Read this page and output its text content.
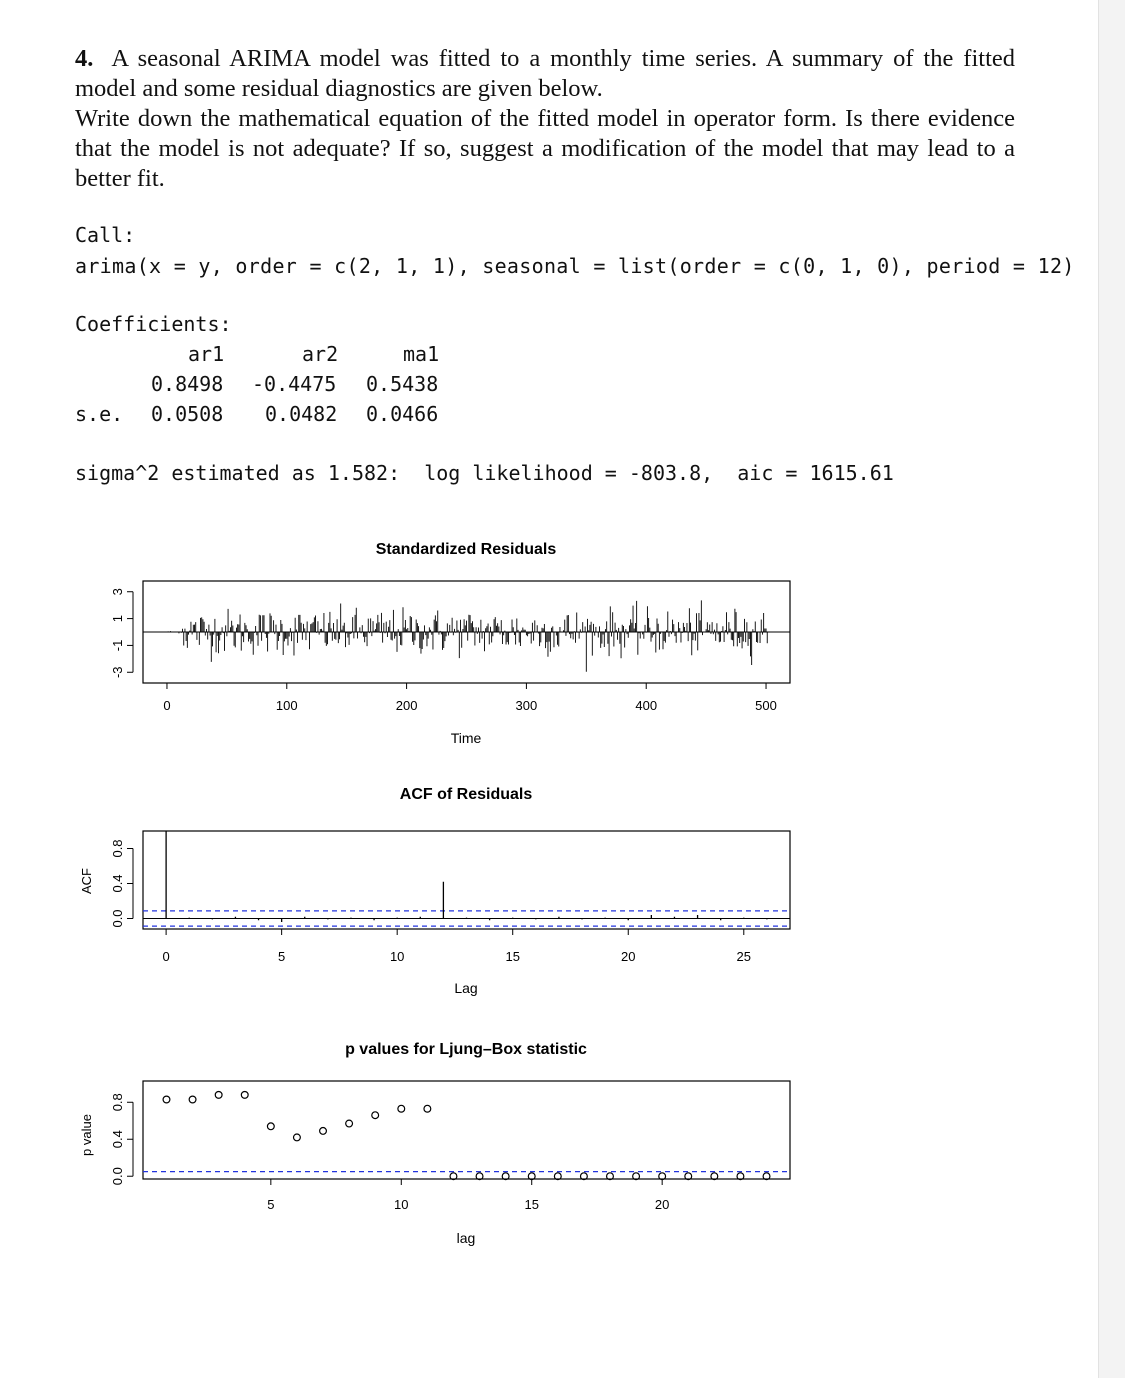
4. A seasonal ARIMA model was fitted to a monthly time series. A summary of the fitted model and some residual diagnostics are given below.

Write down the mathematical equation of the fitted model in operator form. Is there evidence that the model is not adequate? If so, suggest a modification of the model that may lead to a better fit.

Call:
arima(x = y, order = c(2, 1, 1), seasonal = list(order = c(0, 1, 0), period = 12)
Coefficients:
ar1	ar2	ma1
0.8498 -0.4475 0.5438
s.e. 0.0508 0.0482 0.0466
sigma^2 estimated as 1.582:  log likelihood = -803.8,  aic = 1615.61
Standardized Residuals
0	100	200	300	400	500
-3
-1
1
3
Time
ACF of Residuals
0	5	10	15	20	25
0.0
0.4
0.8
Lag
ACF
p values for Ljung–Box statistic
5	10	15	20
0.0
0.4
0.8
lag
p value
